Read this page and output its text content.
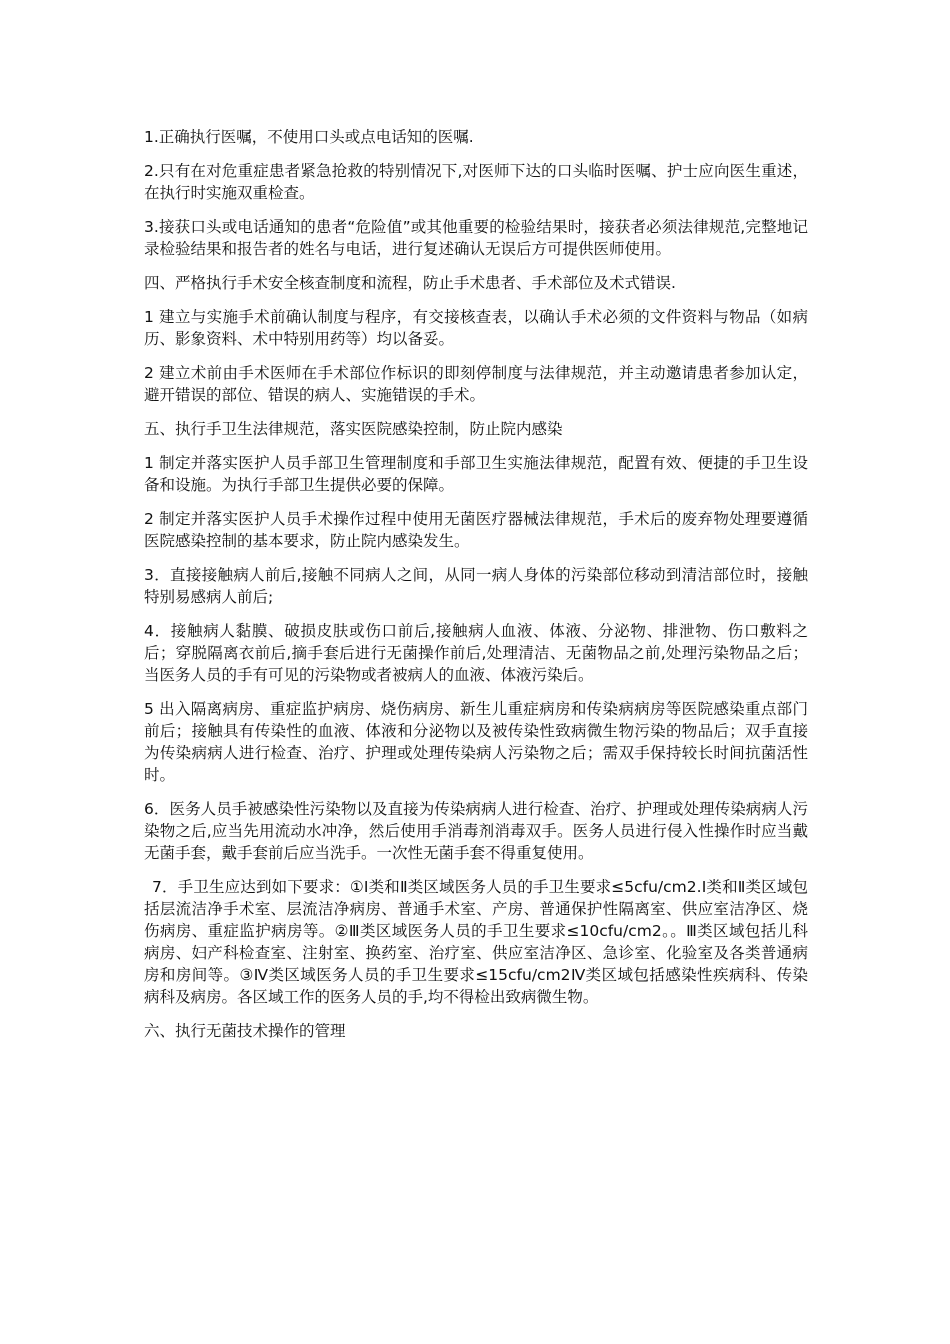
1.正确执行医嘱，不使用口头或点电话知的医嘱.

2.只有在对危重症患者紧急抢救的特别情况下,对医师下达的口头临时医嘱、护士应向医生重述，在执行时实施双重检查。

3.接获口头或电话通知的患者“危险值”或其他重要的检验结果时，接获者必须法律规范,完整地记录检验结果和报告者的姓名与电话，进行复述确认无误后方可提供医师使用。

四、严格执行手术安全核查制度和流程，防止手术患者、手术部位及术式错误.

1 建立与实施手术前确认制度与程序，有交接核查表，以确认手术必须的文件资料与物品（如病历、影象资料、术中特别用药等）均以备妥。

2 建立术前由手术医师在手术部位作标识的即刻停制度与法律规范，并主动邀请患者参加认定，避开错误的部位、错误的病人、实施错误的手术。

五、执行手卫生法律规范，落实医院感染控制，防止院内感染

1 制定并落实医护人员手部卫生管理制度和手部卫生实施法律规范，配置有效、便捷的手卫生设备和设施。为执行手部卫生提供必要的保障。

2 制定并落实医护人员手术操作过程中使用无菌医疗器械法律规范，手术后的废弃物处理要遵循医院感染控制的基本要求，防止院内感染发生。

3．直接接触病人前后,接触不同病人之间，从同一病人身体的污染部位移动到清洁部位时，接触特别易感病人前后;

4．接触病人黏膜、破损皮肤或伤口前后,接触病人血液、体液、分泌物、排泄物、伤口敷料之后；穿脱隔离衣前后,摘手套后进行无菌操作前后,处理清洁、无菌物品之前,处理污染物品之后；当医务人员的手有可见的污染物或者被病人的血液、体液污染后。

5 出入隔离病房、重症监护病房、烧伤病房、新生儿重症病房和传染病病房等医院感染重点部门前后；接触具有传染性的血液、体液和分泌物以及被传染性致病微生物污染的物品后；双手直接为传染病病人进行检查、治疗、护理或处理传染病人污染物之后；需双手保持较长时间抗菌活性时。

6．医务人员手被感染性污染物以及直接为传染病病人进行检查、治疗、护理或处理传染病病人污染物之后,应当先用流动水冲净，然后使用手消毒剂消毒双手。医务人员进行侵入性操作时应当戴无菌手套，戴手套前后应当洗手。一次性无菌手套不得重复使用。

7．手卫生应达到如下要求：①Ⅰ类和Ⅱ类区域医务人员的手卫生要求≤5cfu/cm2.Ⅰ类和Ⅱ类区域包括层流洁净手术室、层流洁净病房、普通手术室、产房、普通保护性隔离室、供应室洁净区、烧伤病房、重症监护病房等。②Ⅲ类区域医务人员的手卫生要求≤10cfu/cm2。。Ⅲ类区域包括儿科病房、妇产科检查室、注射室、换药室、治疗室、供应室洁净区、急诊室、化验室及各类普通病房和房间等。③Ⅳ类区域医务人员的手卫生要求≤15cfu/cm2Ⅳ类区域包括感染性疾病科、传染病科及病房。各区域工作的医务人员的手,均不得检出致病微生物。

六、执行无菌技术操作的管理
